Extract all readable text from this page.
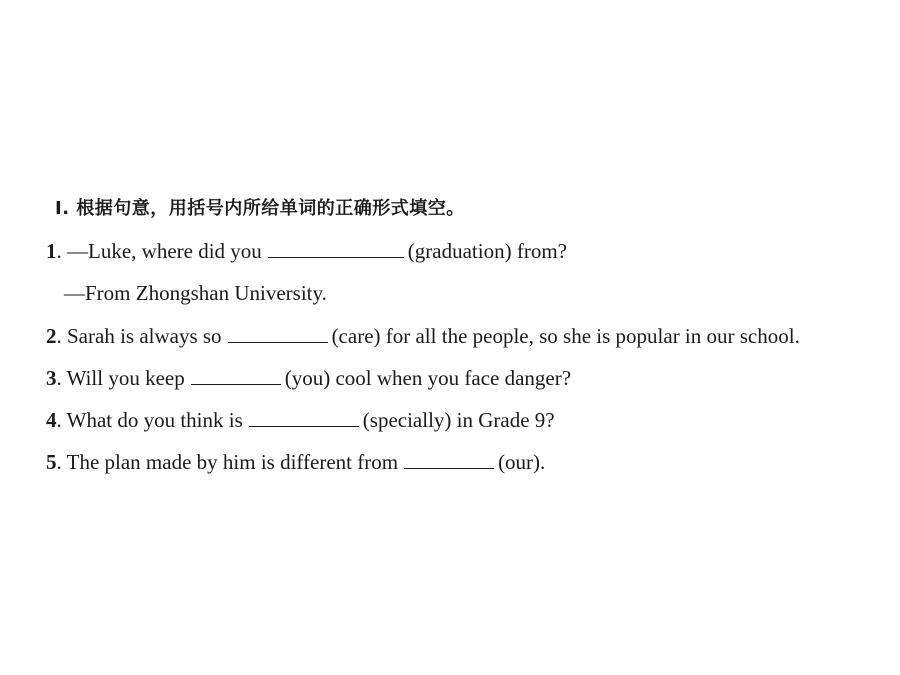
Ⅰ. 根据句意，用括号内所给单词的正确形式填空。
1. —Luke, where did you	(graduation) from?
—From Zhongshan University.
2. Sarah is always so	(care) for all the people, so she is popular in our school.
3. Will you keep	(you) cool when you face danger?
4. What do you think is	(specially) in Grade 9?
5. The plan made by him is different from	(our).
